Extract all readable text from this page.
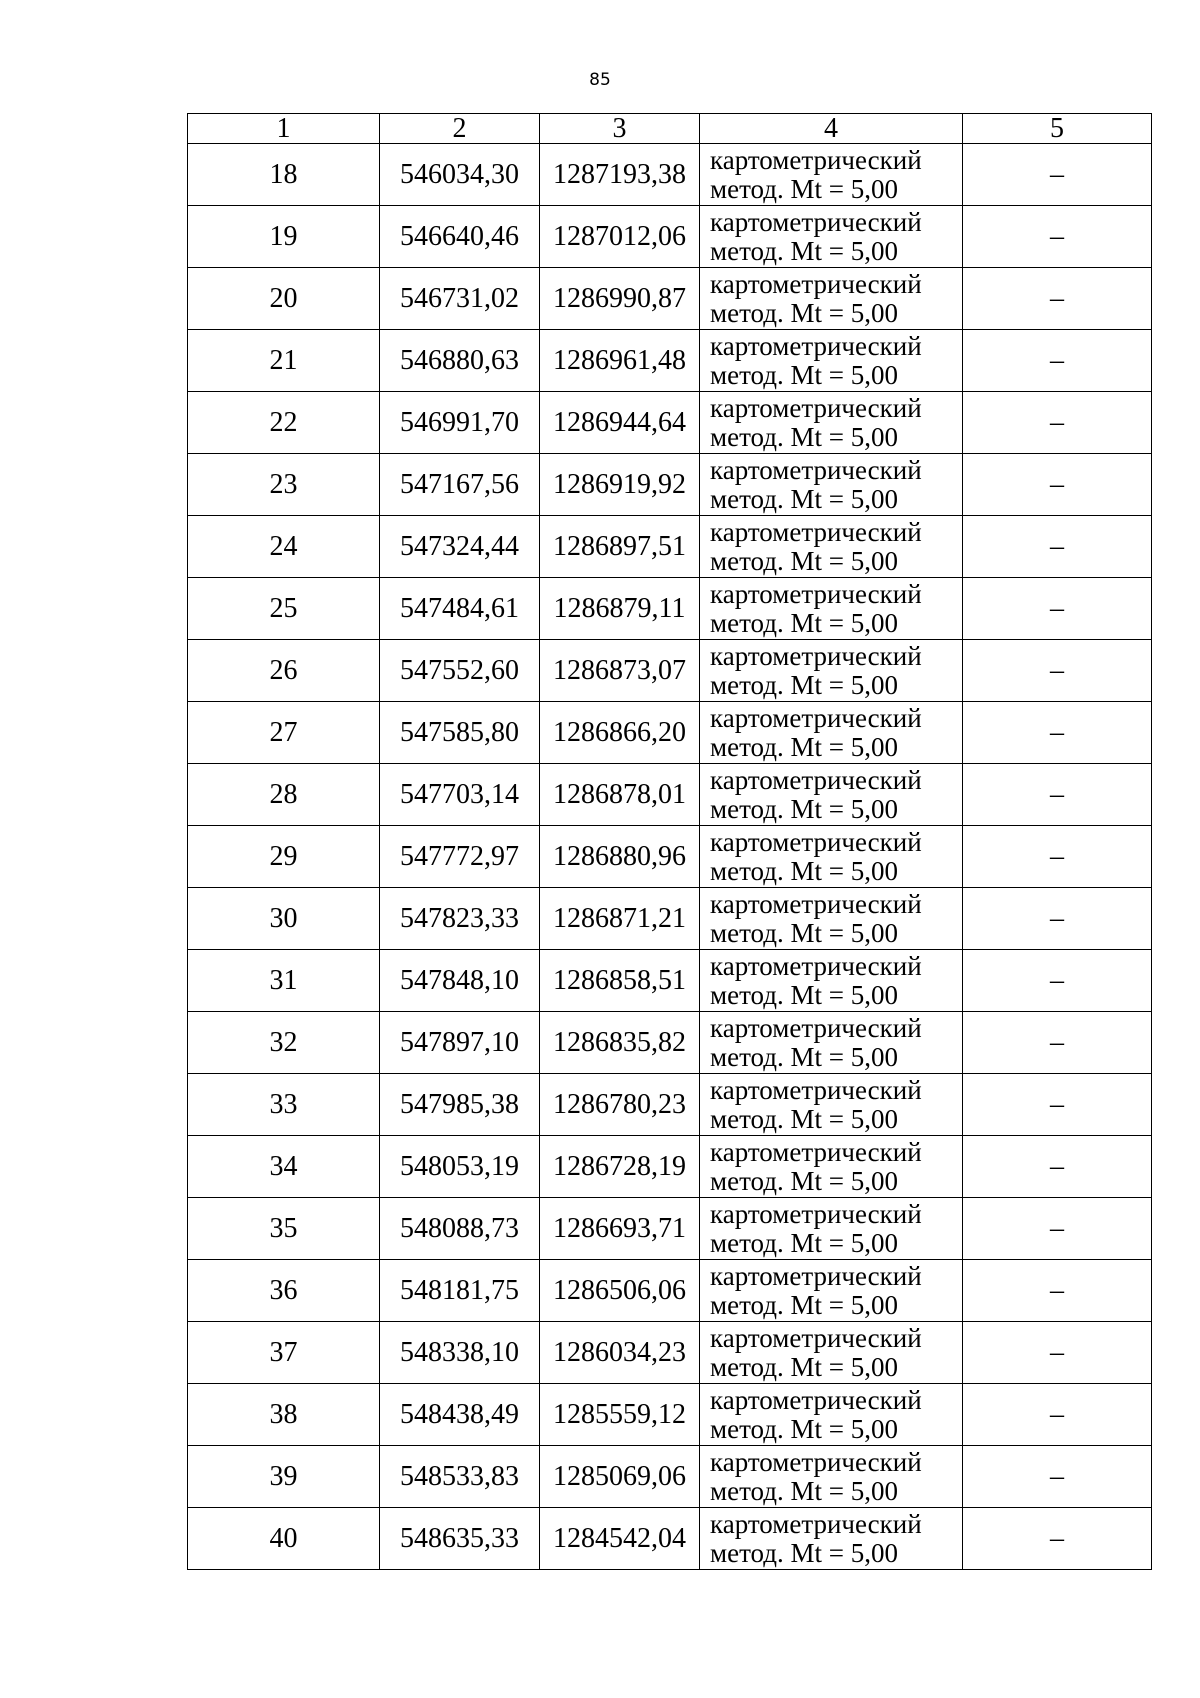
85
1	2	3	4	5
18	546034,30	1287193,38	картометрический
метод. Mt = 5,00	–
19	546640,46	1287012,06	картометрический
метод. Mt = 5,00	–
20	546731,02	1286990,87	картометрический
метод. Mt = 5,00	–
21	546880,63	1286961,48	картометрический
метод. Mt = 5,00	–
22	546991,70	1286944,64	картометрический
метод. Mt = 5,00	–
23	547167,56	1286919,92	картометрический
метод. Mt = 5,00	–
24	547324,44	1286897,51	картометрический
метод. Mt = 5,00	–
25	547484,61	1286879,11	картометрический
метод. Mt = 5,00	–
26	547552,60	1286873,07	картометрический
метод. Mt = 5,00	–
27	547585,80	1286866,20	картометрический
метод. Mt = 5,00	–
28	547703,14	1286878,01	картометрический
метод. Mt = 5,00	–
29	547772,97	1286880,96	картометрический
метод. Mt = 5,00	–
30	547823,33	1286871,21	картометрический
метод. Mt = 5,00	–
31	547848,10	1286858,51	картометрический
метод. Mt = 5,00	–
32	547897,10	1286835,82	картометрический
метод. Mt = 5,00	–
33	547985,38	1286780,23	картометрический
метод. Mt = 5,00	–
34	548053,19	1286728,19	картометрический
метод. Mt = 5,00	–
35	548088,73	1286693,71	картометрический
метод. Mt = 5,00	–
36	548181,75	1286506,06	картометрический
метод. Mt = 5,00	–
37	548338,10	1286034,23	картометрический
метод. Mt = 5,00	–
38	548438,49	1285559,12	картометрический
метод. Mt = 5,00	–
39	548533,83	1285069,06	картометрический
метод. Mt = 5,00	–
40	548635,33	1284542,04	картометрический
метод. Mt = 5,00	–
